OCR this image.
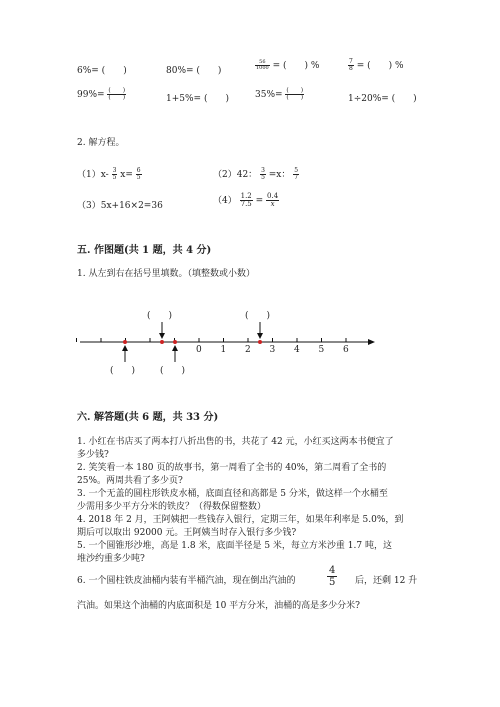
6%= (　　)	80%= (　　)	$\frac{56}{1000}$ = (　　) %	$\frac{7}{8}$ = (　　) %
$99\%= \frac{( )}{( )}$	1+5%= (　　)	$35\%= \frac{( )}{( )}$	1÷20%= (　　)
2. 解方程。
$(1)x- \frac{3}{5} x= \frac{6}{5}$	（2）42： $\frac{3}{5} =x$： $\frac{5}{7}$
（3）5x+16×2=36	$(4) \frac{1.2}{7.5} = \frac{0.4}{x}$
五. 作图题(共 1 题，共 4 分)
1. 从左到右在括号里填数。（填整数或小数）
(　　)	(　　)
(　　)	(　　)
0 1 2 3 4 5 6
六. 解答题(共 6 题，共 33 分)
1. 小红在书店买了两本打八折出售的书，共花了 42 元，小红买这两本书便宜了
多少钱?
2. 笑笑看一本 180 页的故事书，第一周看了全书的 40%，第二周看了全书的
25%。两周共看了多少页?
3. 一个无盖的圆柱形铁皮水桶，底面直径和高都是 5 分米，做这样一个水桶至
少需用多少平方分米的铁皮？（得数保留整数）
4. 2018 年 2 月，王阿姨把一些钱存入银行，定期三年，如果年利率是 5.0%，到
期后可以取出 92000 元。王阿姨当时存入银行多少钱?
5. 一个圆锥形沙堆，高是 1.8 米，底面半径是 5 米，每立方米沙重 1.7 吨，这
堆沙约重多少吨?
6. 一个圆柱铁皮油桶内装有半桶汽油，现在倒出汽油的	$\frac{4}{5}$ 后，还剩 12 升
汽油。如果这个油桶的内底面积是 10 平方分米，油桶的高是多少分米?
